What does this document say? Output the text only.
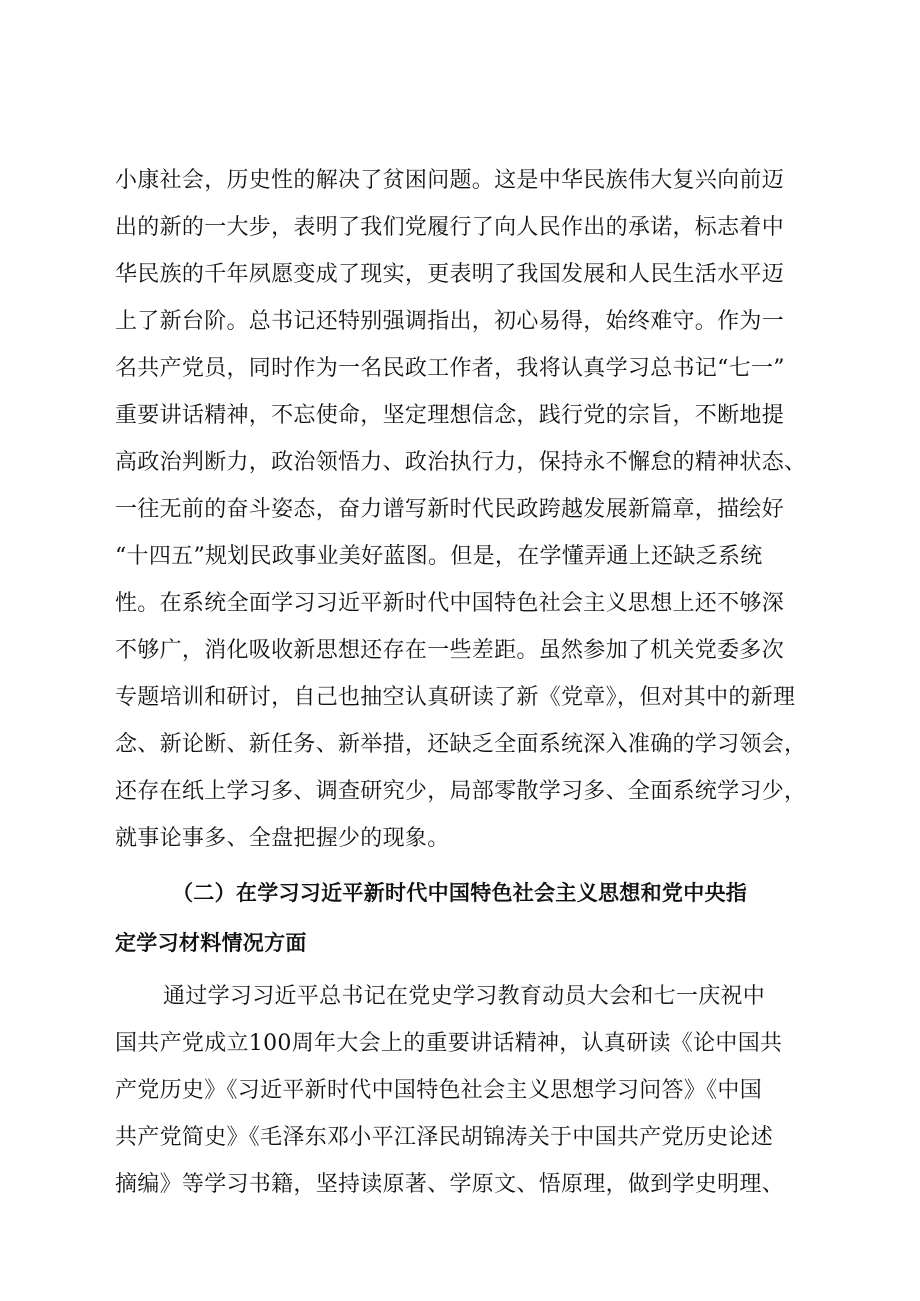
小康社会，历史性的解决了贫困问题。这是中华民族伟大复兴向前迈
出的新的一大步，表明了我们党履行了向人民作出的承诺，标志着中
华民族的千年夙愿变成了现实，更表明了我国发展和人民生活水平迈
上了新台阶。总书记还特别强调指出，初心易得，始终难守。作为一
名共产党员，同时作为一名民政工作者，我将认真学习总书记“七一”
重要讲话精神，不忘使命，坚定理想信念，践行党的宗旨，不断地提
高政治判断力，政治领悟力、政治执行力，保持永不懈怠的精神状态、
一往无前的奋斗姿态，奋力谱写新时代民政跨越发展新篇章，描绘好
“十四五”规划民政事业美好蓝图。但是，在学懂弄通上还缺乏系统
性。在系统全面学习习近平新时代中国特色社会主义思想上还不够深
不够广，消化吸收新思想还存在一些差距。虽然参加了机关党委多次
专题培训和研讨，自己也抽空认真研读了新《党章》，但对其中的新理
念、新论断、新任务、新举措，还缺乏全面系统深入准确的学习领会，
还存在纸上学习多、调查研究少，局部零散学习多、全面系统学习少，
就事论事多、全盘把握少的现象。
（二）在学习习近平新时代中国特色社会主义思想和党中央指
定学习材料情况方面
通过学习习近平总书记在党史学习教育动员大会和七一庆祝中
国共产党成立100周年大会上的重要讲话精神，认真研读《论中国共
产党历史》《习近平新时代中国特色社会主义思想学习问答》《中国
共产党简史》《毛泽东邓小平江泽民胡锦涛关于中国共产党历史论述
摘编》等学习书籍，坚持读原著、学原文、悟原理，做到学史明理、
